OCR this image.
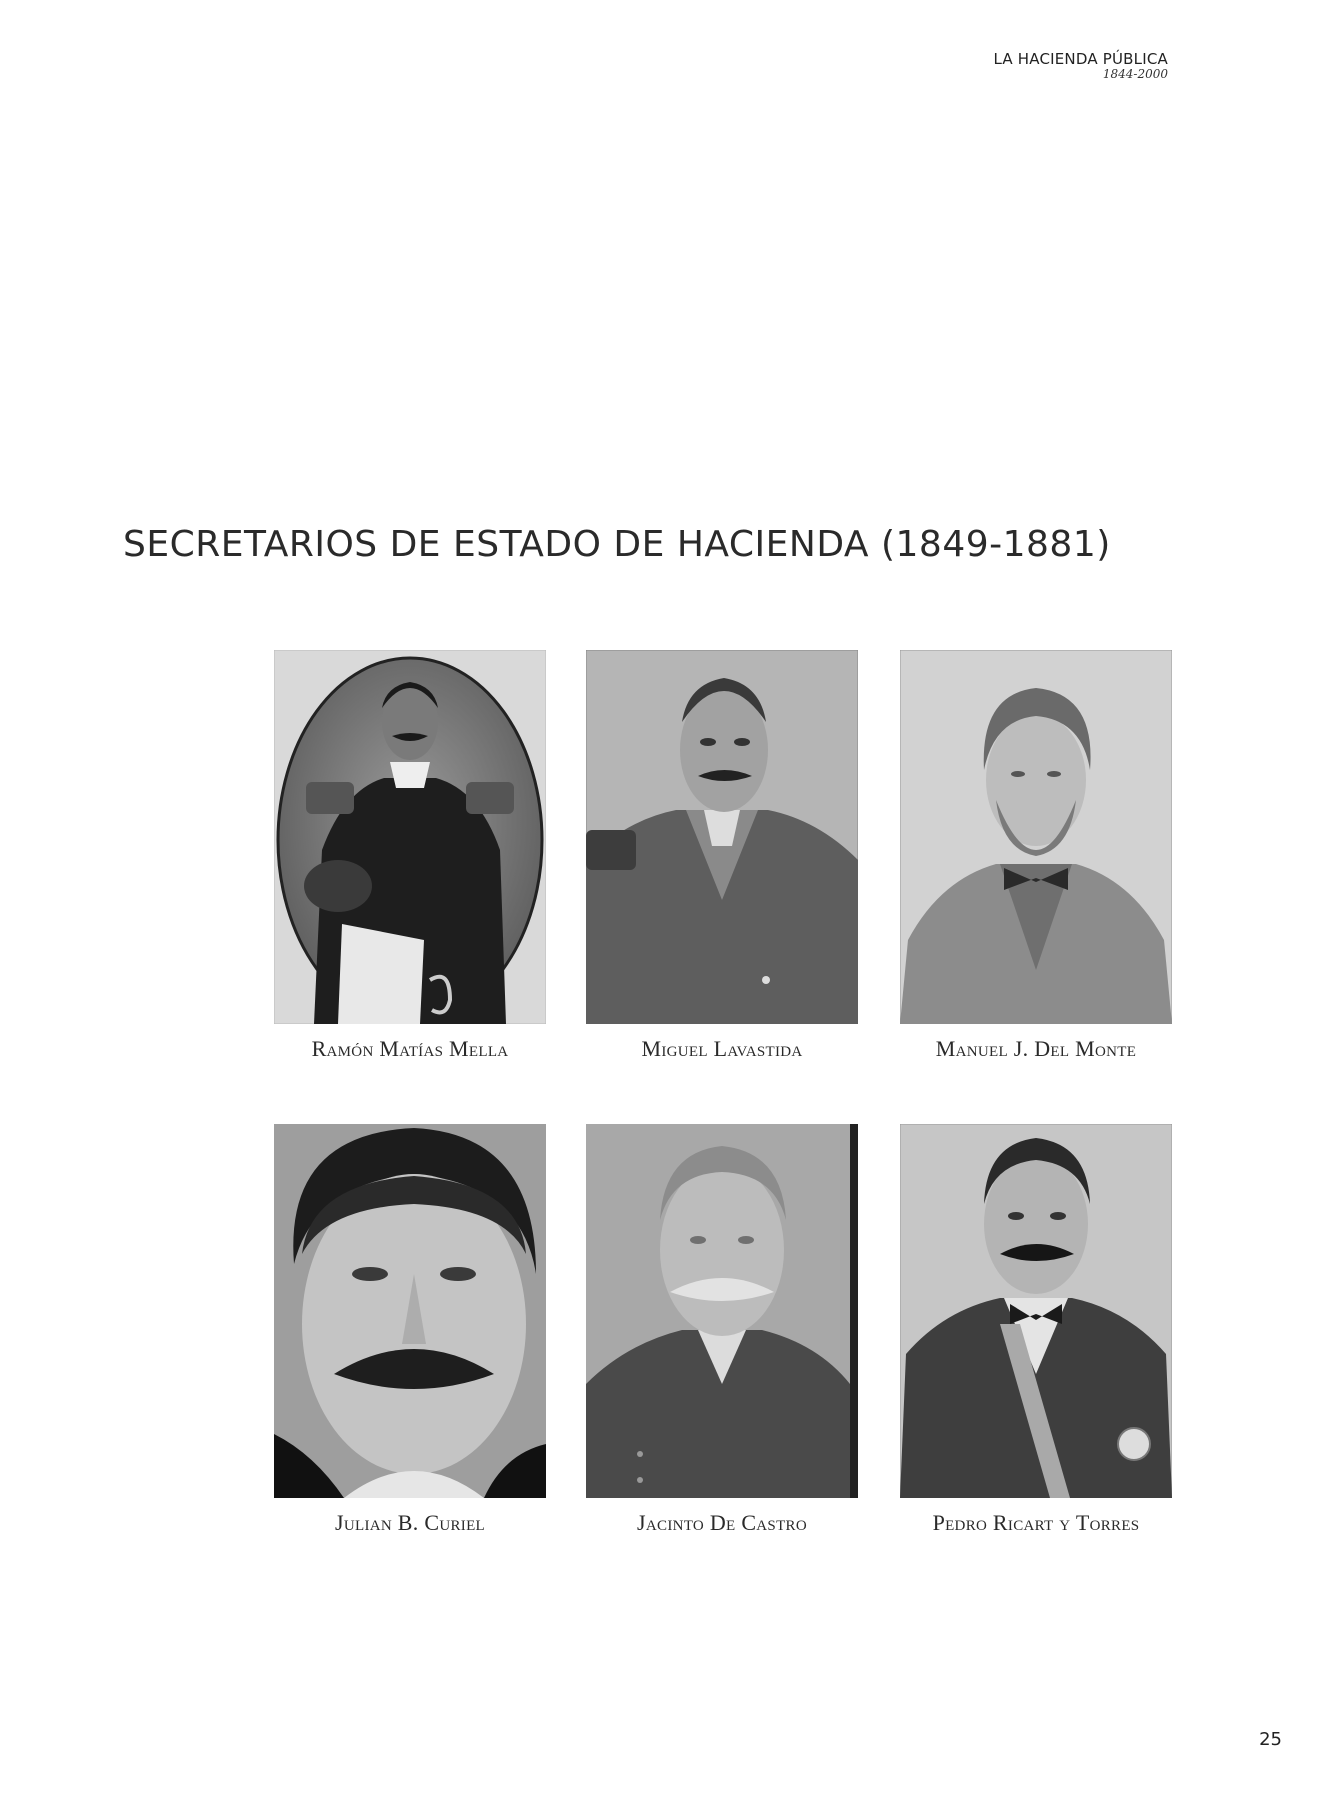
LA HACIENDA PÚBLICA
1844-2000
SECRETARIOS DE ESTADO DE HACIENDA (1849-1881)
Ramón Matías Mella	Miguel Lavastida	Manuel J. Del Monte
Julian B. Curiel	Jacinto De Castro	Pedro Ricart y Torres
25
